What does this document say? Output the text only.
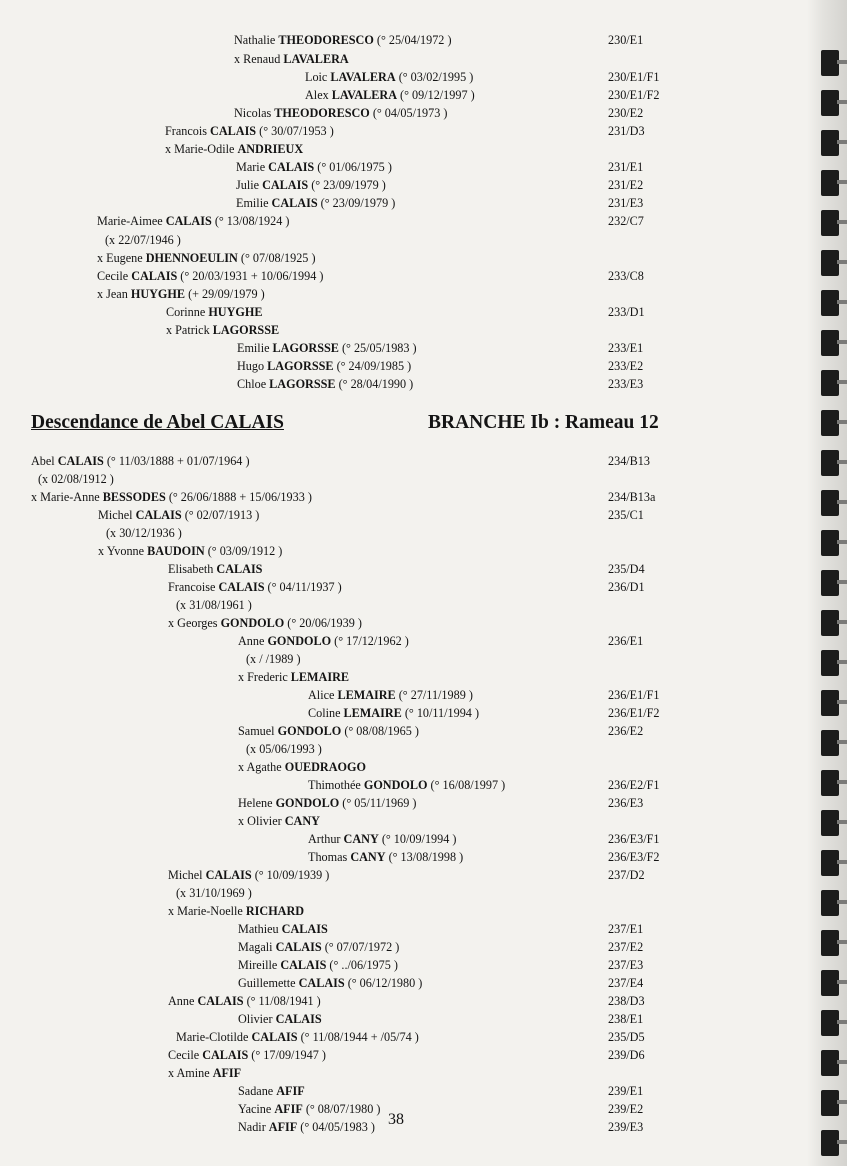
Nathalie THEODORESCO (° 25/04/1972 )	230/E1
x Renaud LAVALERA
Loic LAVALERA (° 03/02/1995 )	230/E1/F1
Alex LAVALERA (° 09/12/1997 )	230/E1/F2
Nicolas THEODORESCO (° 04/05/1973 )	230/E2
Francois CALAIS (° 30/07/1953 )	231/D3
x Marie-Odile ANDRIEUX
Marie CALAIS (° 01/06/1975 )	231/E1
Julie CALAIS (° 23/09/1979 )	231/E2
Emilie CALAIS (° 23/09/1979 )	231/E3
Marie-Aimee CALAIS (° 13/08/1924 )	232/C7
(x 22/07/1946 )
x Eugene DHENNOEULIN (° 07/08/1925 )
Cecile CALAIS (° 20/03/1931 + 10/06/1994 )	233/C8
x Jean HUYGHE (+ 29/09/1979 )
Corinne HUYGHE	233/D1
x Patrick LAGORSSE
Emilie LAGORSSE (° 25/05/1983 )	233/E1
Hugo LAGORSSE (° 24/09/1985 )	233/E2
Chloe LAGORSSE (° 28/04/1990 )	233/E3
Descendance de Abel CALAIS	BRANCHE Ib : Rameau 12
Abel CALAIS (° 11/03/1888 + 01/07/1964 )	234/B13
(x 02/08/1912 )
x Marie-Anne BESSODES (° 26/06/1888 + 15/06/1933 )	234/B13a
Michel CALAIS (° 02/07/1913 )	235/C1
(x 30/12/1936 )
x Yvonne BAUDOIN (° 03/09/1912 )
Elisabeth CALAIS	235/D4
Francoise CALAIS (° 04/11/1937 )	236/D1
(x 31/08/1961 )
x Georges GONDOLO (° 20/06/1939 )
Anne GONDOLO (° 17/12/1962 )	236/E1
(x / /1989 )
x Frederic LEMAIRE
Alice LEMAIRE (° 27/11/1989 )	236/E1/F1
Coline LEMAIRE (° 10/11/1994 )	236/E1/F2
Samuel GONDOLO (° 08/08/1965 )	236/E2
(x 05/06/1993 )
x Agathe OUEDRAOGO
Thimothée GONDOLO (° 16/08/1997 )	236/E2/F1
Helene GONDOLO (° 05/11/1969 )	236/E3
x Olivier CANY
Arthur CANY (° 10/09/1994 )	236/E3/F1
Thomas CANY (° 13/08/1998 )	236/E3/F2
Michel CALAIS (° 10/09/1939 )	237/D2
(x 31/10/1969 )
x Marie-Noelle RICHARD
Mathieu CALAIS	237/E1
Magali CALAIS (° 07/07/1972 )	237/E2
Mireille CALAIS (° ../06/1975 )	237/E3
Guillemette CALAIS (° 06/12/1980 )	237/E4
Anne CALAIS (° 11/08/1941 )	238/D3
Olivier CALAIS	238/E1
Marie-Clotilde CALAIS (° 11/08/1944 + /05/74 )	235/D5
Cecile CALAIS (° 17/09/1947 )	239/D6
x Amine AFIF
Sadane AFIF	239/E1
Yacine AFIF (° 08/07/1980 )	239/E2
Nadir AFIF (° 04/05/1983 )	239/E3
38
